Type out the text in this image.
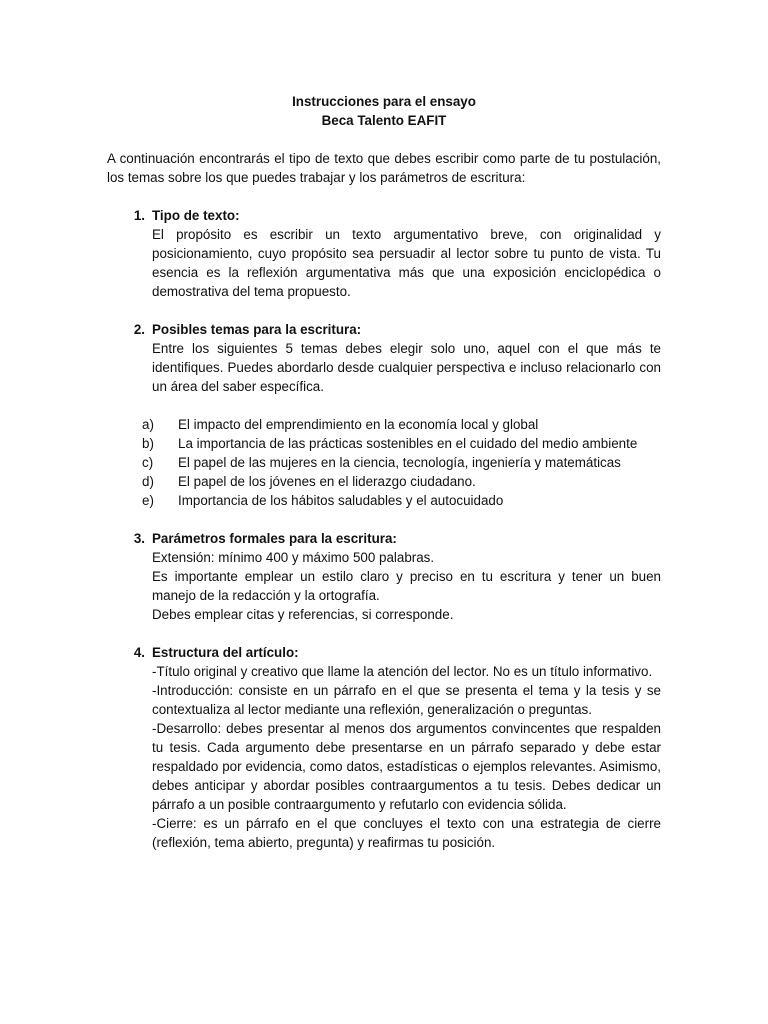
Instrucciones para el ensayo

Beca Talento EAFIT

A continuación encontrarás el tipo de texto que debes escribir como parte de tu postulación, los temas sobre los que puedes trabajar y los parámetros de escritura:

1. Tipo de texto:

El propósito es escribir un texto argumentativo breve, con originalidad y posicionamiento, cuyo propósito sea persuadir al lector sobre tu punto de vista. Tu esencia es la reflexión argumentativa más que una exposición enciclopédica o demostrativa del tema propuesto.

2. Posibles temas para la escritura:

Entre los siguientes 5 temas debes elegir solo uno, aquel con el que más te identifiques. Puedes abordarlo desde cualquier perspectiva e incluso relacionarlo con un área del saber específica.

a)	El impacto del emprendimiento en la economía local y global
b)	La importancia de las prácticas sostenibles en el cuidado del medio ambiente
c)	El papel de las mujeres en la ciencia, tecnología, ingeniería y matemáticas
d)	El papel de los jóvenes en el liderazgo ciudadano.
e)	Importancia de los hábitos saludables y el autocuidado
3. Parámetros formales para la escritura:

Extensión: mínimo 400 y máximo 500 palabras.

Es importante emplear un estilo claro y preciso en tu escritura y tener un buen manejo de la redacción y la ortografía.

Debes emplear citas y referencias, si corresponde.

4. Estructura del artículo:

-Título original y creativo que llame la atención del lector. No es un título informativo.

-Introducción: consiste en un párrafo en el que se presenta el tema y la tesis y se contextualiza al lector mediante una reflexión, generalización o preguntas.

-Desarrollo: debes presentar al menos dos argumentos convincentes que respalden tu tesis. Cada argumento debe presentarse en un párrafo separado y debe estar respaldado por evidencia, como datos, estadísticas o ejemplos relevantes. Asimismo, debes anticipar y abordar posibles contraargumentos a tu tesis. Debes dedicar un párrafo a un posible contraargumento y refutarlo con evidencia sólida.

-Cierre: es un párrafo en el que concluyes el texto con una estrategia de cierre (reflexión, tema abierto, pregunta) y reafirmas tu posición.
